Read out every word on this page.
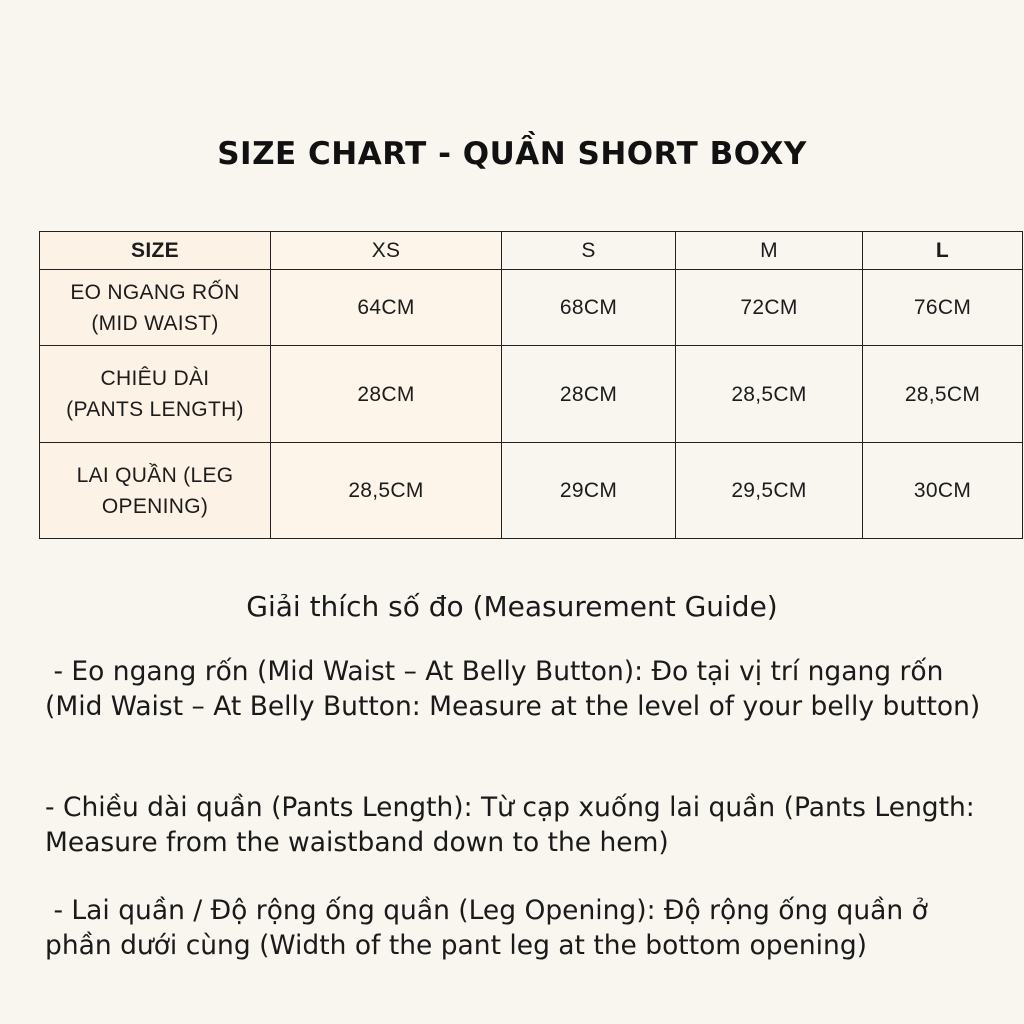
SIZE CHART - QUẦN SHORT BOXY
SIZE	XS	S	M	L
EO NGANG RỐN
(MID WAIST)	64CM	68CM	72CM	76CM
CHIÊU DÀI
(PANTS LENGTH)	28CM	28CM	28,5CM	28,5CM
LAI QUẦN (LEG
OPENING)	28,5CM	29CM	29,5CM	30CM
Giải thích số đo (Measurement Guide)

- Eo ngang rốn (Mid Waist – At Belly Button): Đo tại vị trí ngang rốn (Mid Waist – At Belly Button: Measure at the level of your belly button)

- Chiều dài quần (Pants Length): Từ cạp xuống lai quần (Pants Length: Measure from the waistband down to the hem)

- Lai quần / Độ rộng ống quần (Leg Opening): Độ rộng ống quần ở phần dưới cùng (Width of the pant leg at the bottom opening)
